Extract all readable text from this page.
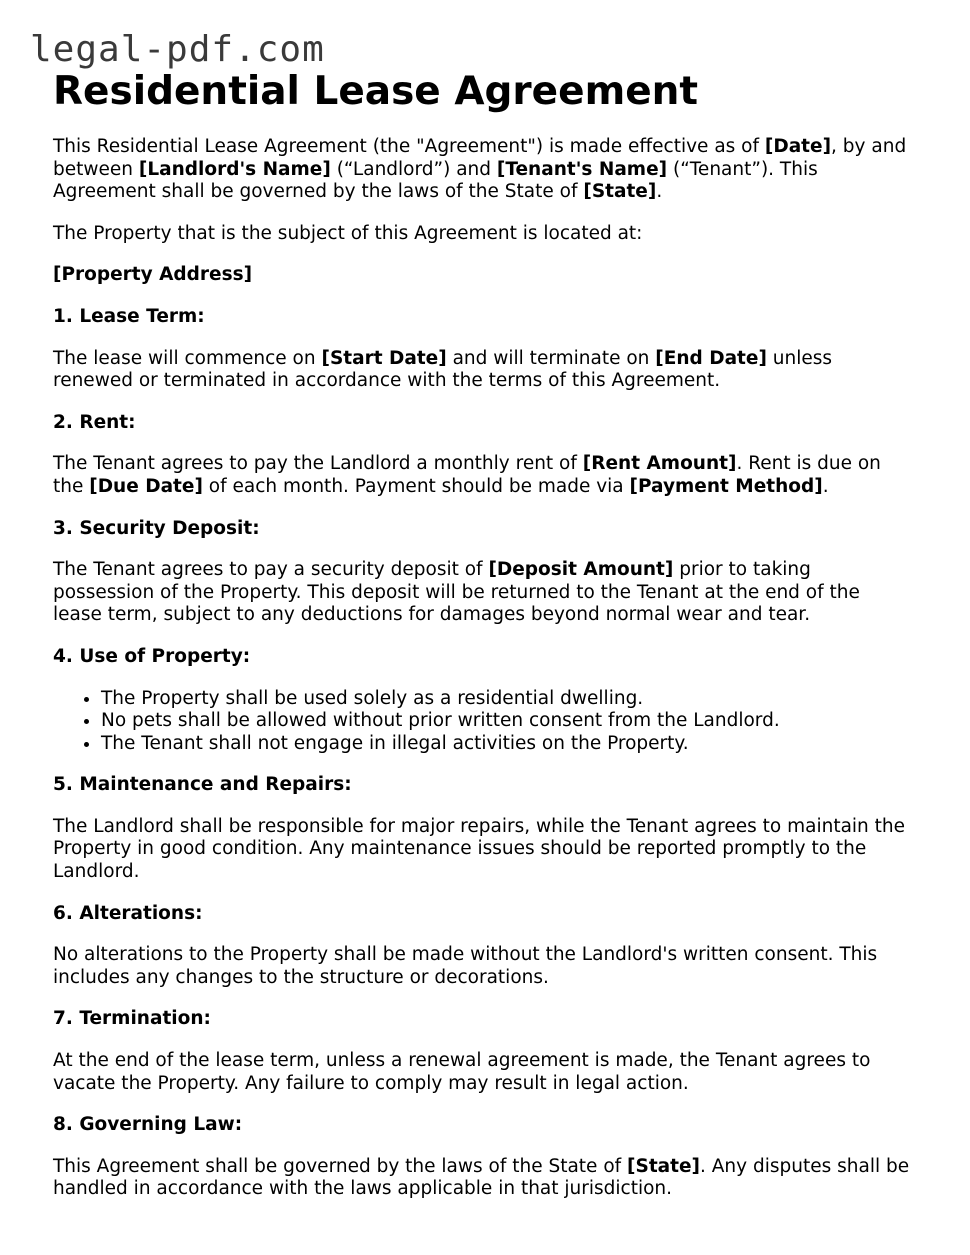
legal-pdf.com
Residential Lease Agreement

This Residential Lease Agreement (the "Agreement") is made effective as of [Date], by and between [Landlord's Name] (“Landlord”) and [Tenant's Name] (“Tenant”). This Agreement shall be governed by the laws of the State of [State].

The Property that is the subject of this Agreement is located at:

[Property Address]

1. Lease Term:

The lease will commence on [Start Date] and will terminate on [End Date] unless renewed or terminated in accordance with the terms of this Agreement.

2. Rent:

The Tenant agrees to pay the Landlord a monthly rent of [Rent Amount]. Rent is due on the [Due Date] of each month. Payment should be made via [Payment Method].

3. Security Deposit:

The Tenant agrees to pay a security deposit of [Deposit Amount] prior to taking possession of the Property. This deposit will be returned to the Tenant at the end of the lease term, subject to any deductions for damages beyond normal wear and tear.

4. Use of Property:

• The Property shall be used solely as a residential dwelling.
• No pets shall be allowed without prior written consent from the Landlord.
• The Tenant shall not engage in illegal activities on the Property.

5. Maintenance and Repairs:

The Landlord shall be responsible for major repairs, while the Tenant agrees to maintain the Property in good condition. Any maintenance issues should be reported promptly to the Landlord.

6. Alterations:

No alterations to the Property shall be made without the Landlord's written consent. This includes any changes to the structure or decorations.

7. Termination:

At the end of the lease term, unless a renewal agreement is made, the Tenant agrees to vacate the Property. Any failure to comply may result in legal action.

8. Governing Law:

This Agreement shall be governed by the laws of the State of [State]. Any disputes shall be handled in accordance with the laws applicable in that jurisdiction.
